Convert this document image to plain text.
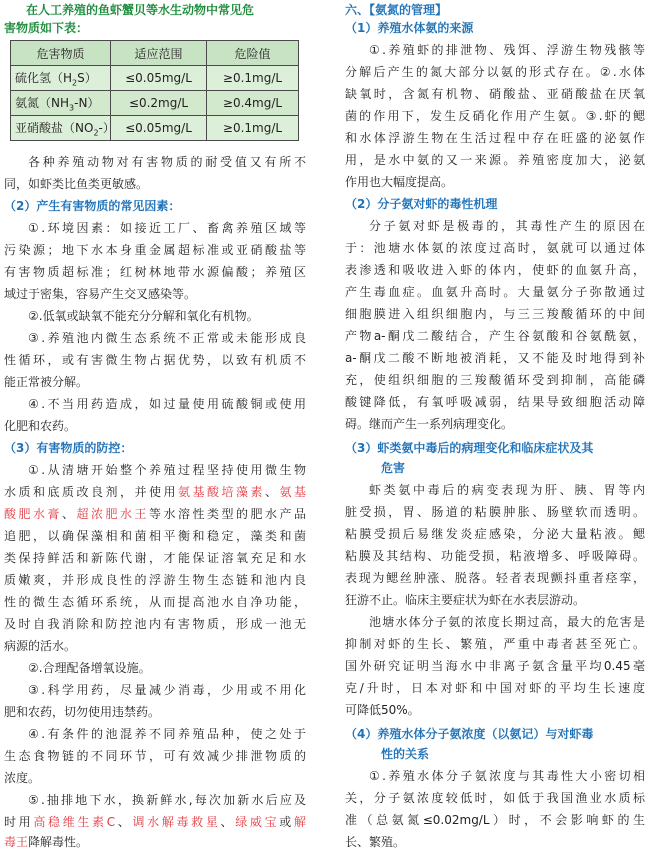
在人工养殖的鱼虾蟹贝等水生动物中常见危
害物质如下表：
危害物质	适应范围	危险值
硫化氢$(H_2S)$	≤0.05mg/L	≥0.1mg/L
氨氮$(NH_3-N)$	≤0.2mg/L	≥0.4mg/L
亚硝酸盐$(NO_2-)$	≤0.05mg/L	≥0.1mg/L
各种养殖动物对有害物质的耐受值又有所不
同，如虾类比鱼类更敏感。
（2）产生有害物质的常见因素：
①.环境因素：如接近工厂、畜禽养殖区域等
污染源；地下水本身重金属超标准或亚硝酸盐等
有害物质超标准；红树林地带水源偏酸；养殖区
域过于密集，容易产生交叉感染等。
②.低氧或缺氧不能充分分解和氧化有机物。
③.养殖池内微生态系统不正常或未能形成良
性循环，或有害微生物占据优势，以致有机质不
能正常被分解。
④.不当用药造成，如过量使用硫酸铜或使用
化肥和农药。
（3）有害物质的防控：
①.从清塘开始整个养殖过程坚持使用微生物
水质和底质改良剂，并使用氨基酸培藻素、氨基
酸肥水膏、超浓肥水王等水溶性类型的肥水产品
追肥，以确保藻相和菌相平衡和稳定，藻类和菌
类保持鲜活和新陈代谢，才能保证溶氧充足和水
质嫩爽，并形成良性的浮游生物生态链和池内良
性的微生态循环系统，从而提高池水自净功能，
及时自我消除和防控池内有害物质，形成一池无
病源的活水。
②.合理配备增氧设施。
③.科学用药，尽量减少消毒，少用或不用化
肥和农药，切勿使用违禁药。
④.有条件的池混养不同养殖品种，使之处于
生态食物链的不同环节，可有效减少排泄物质的
浓度。
⑤.抽排地下水，换新鲜水,每次加新水后应及
时用高稳维生素C、调水解毒救星、绿威宝或解
毒王降解毒性。
六、【氨氮的管理】
（1）养殖水体氨的来源
①.养殖虾的排泄物、残饵、浮游生物残骸等
分解后产生的氮大部分以氨的形式存在。②.水体
缺氧时，含氮有机物、硝酸盐、亚硝酸盐在厌氧
菌的作用下，发生反硝化作用产生氨。③.虾的鳃
和水体浮游生物在生活过程中存在旺盛的泌氨作
用，是水中氨的又一来源。养殖密度加大，泌氨
作用也大幅度提高。
（2）分子氨对虾的毒性机理
分子氨对虾是极毒的，其毒性产生的原因在
于：池塘水体氨的浓度过高时，氨就可以通过体
表渗透和吸收进入虾的体内，使虾的血氨升高，
产生毒血症。血氨升高时。大量氨分子弥散通过
细胞膜进入组织细胞内，与三三羧酸循环的中间
产物a-酮戊二酸结合，产生谷氨酸和谷氨酰氨，
a-酮戊二酸不断地被消耗，又不能及时地得到补
充，使组织细胞的三羧酸循环受到抑制，高能磷
酸键降低，有氧呼吸减弱，结果导致细胞活动障
碍。继而产生一系列病理变化。
（3）虾类氨中毒后的病理变化和临床症状及其
危害
虾类氨中毒后的病变表现为肝、胰、胃等内
脏受损，胃、肠道的粘膜肿胀、肠壁软而透明。
粘膜受损后易继发炎症感染，分泌大量粘液。鳃
粘膜及其结构、功能受损，粘液增多、呼吸障碍。
表现为鳃丝肿涨、脱落。轻者表现颤抖重者痉挛，
狂游不止。临床主要症状为虾在水表层游动。
池塘水体分子氨的浓度长期过高，最大的危害是
抑制对虾的生长、繁殖，严重中毒者甚至死亡。
国外研究证明当海水中非离子氨含量平均0.45毫
克/升时，日本对虾和中国对虾的平均生长速度
可降低50%。
（4）养殖水体分子氨浓度（以氨记）与对虾毒
性的关系
①.养殖水体分子氨浓度与其毒性大小密切相
关，分子氨浓度较低时，如低于我国渔业水质标
准（总氨氮≤0.02mg/L）时，不会影响虾的生
长、繁殖。
